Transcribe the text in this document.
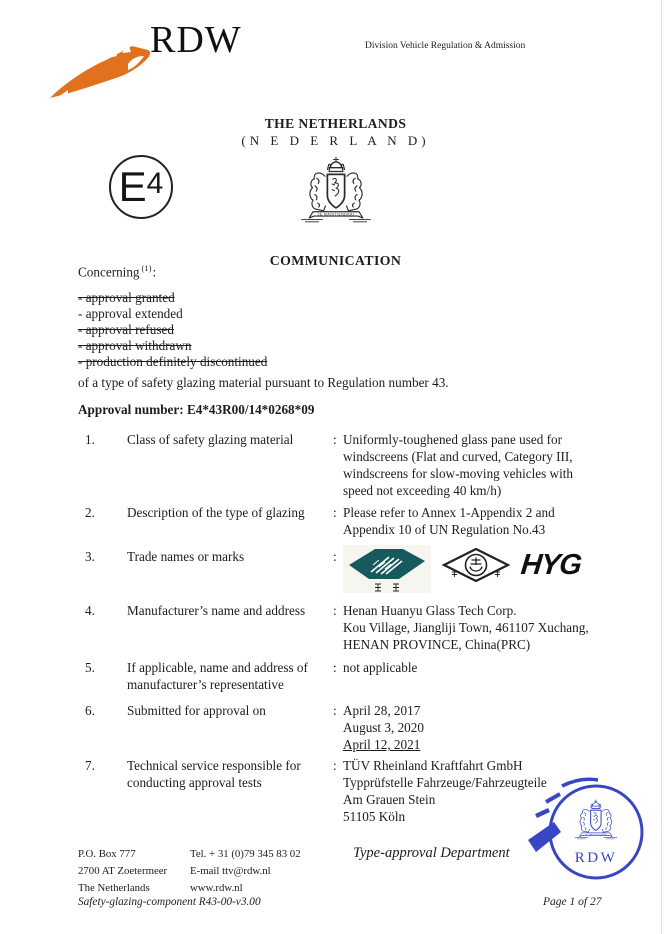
RDW	Division Vehicle Regulation & Admission
THE NETHERLANDS
(N E D E R L A N D)
COMMUNICATION
E 4
Concerning $^{(1)}$:
- approval granted
- approval extended
- approval refused
- approval withdrawn
- production definitely discontinued
of a type of safety glazing material pursuant to Regulation number 43.
Approval number: E4*43R00/14*0268*09
1.	Class of safety glazing material	: Uniformly-toughened glass pane used for
windscreens (Flat and curved, Category III,
windscreens for slow-moving vehicles with
speed not exceeding 40 km/h)
2.	Description of the type of glazing	: Please refer to Annex 1-Appendix 2 and
Appendix 10 of UN Regulation No.43
3.	Trade names or marks	:	HYG
4.	Manufacturer’s name and address	: Henan Huanyu Glass Tech Corp.
Kou Village, Jiangliji Town, 461107 Xuchang,
HENAN PROVINCE, China(PRC)
5.	If applicable, name and address of
manufacturer’s representative
: not applicable
6.	Submitted for approval on	: April 28, 2017
August 3, 2020
April 12, 2021
7.	Technical service responsible for
conducting approval tests
: TÜV Rheinland Kraftfahrt GmbH
Typprüfstelle Fahrzeuge/Fahrzeugteile
Am Grauen Stein
51105 Köln
P.O. Box 777
2700 AT Zoetermeer
The Netherlands
Tel. + 31 (0)79 345 83 02
E-mail ttv@rdw.nl
www.rdw.nl
Type-approval Department	RDW
Safety-glazing-component R43-00-v3.00	Page 1 of 27
